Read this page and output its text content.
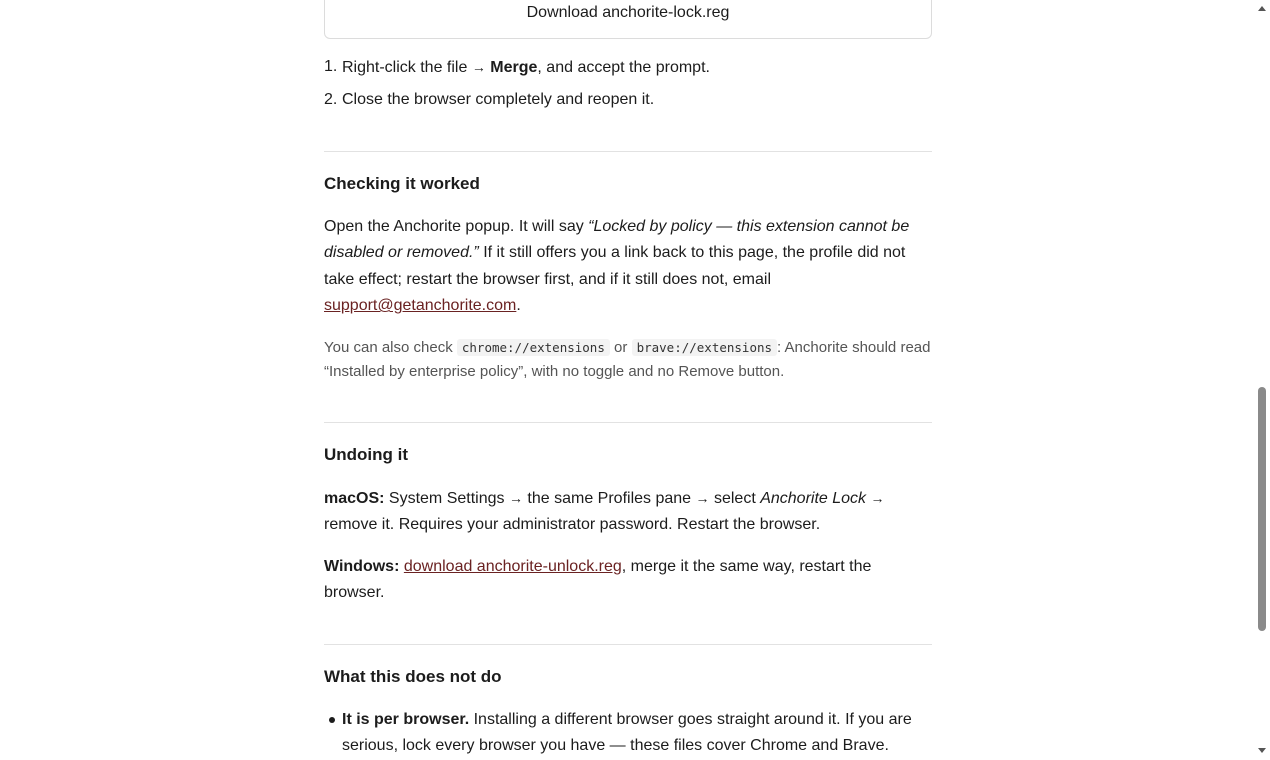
Download anchorite-lock.reg
1. Right-click the file → Merge, and accept the prompt.
2. Close the browser completely and reopen it.
Checking it worked

Open the Anchorite popup. It will say “Locked by policy — this extension cannot be disabled or removed.” If it still offers you a link back to this page, the profile did not take effect; restart the browser first, and if it still does not, email support@getanchorite.com.

You can also check chrome://extensions or brave://extensions : Anchorite should read “Installed by enterprise policy”, with no toggle and no Remove button.

Undoing it

macOS: System Settings → the same Profiles pane → select Anchorite Lock → remove it. Requires your administrator password. Restart the browser.

Windows: download anchorite-unlock.reg, merge it the same way, restart the browser.

What this does not do
It is per browser. Installing a different browser goes straight around it. If you are serious, lock every browser you have — these files cover Chrome and Brave.
